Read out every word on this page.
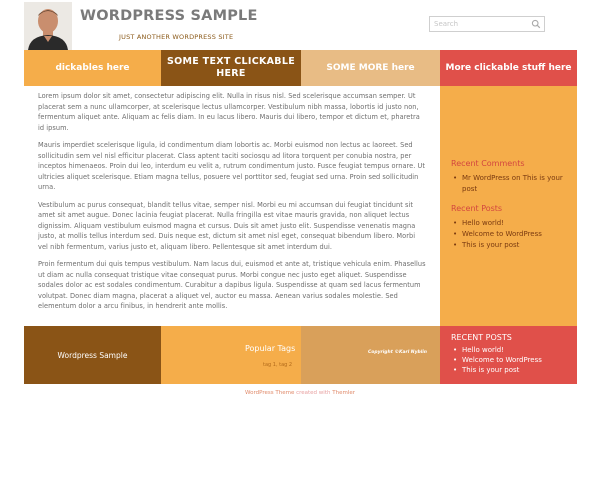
WORDPRESS SAMPLE
JUST ANOTHER WORDPRESS SITE
Search
dickables here
SOME TEXT CLICKABLE HERE	SOME MORE here	More clickable stuff here

Lorem ipsum dolor sit amet, consectetur adipiscing elit. Nulla in risus nisl. Sed scelerisque accumsan semper. Ut placerat sem a nunc ullamcorper, at scelerisque lectus ullamcorper. Vestibulum nibh massa, lobortis id justo non, fermentum aliquet ante. Aliquam ac felis diam. In eu lacus libero. Mauris dui libero, tempor et dictum et, pharetra id ipsum.

Mauris imperdiet scelerisque ligula, id condimentum diam lobortis ac. Morbi euismod non lectus ac laoreet. Sed sollicitudin sem vel nisl efficitur placerat. Class aptent taciti sociosqu ad litora torquent per conubia nostra, per inceptos himenaeos. Proin dui leo, interdum eu velit a, rutrum condimentum justo. Fusce feugiat tempus ornare. Ut ultricies aliquet scelerisque. Etiam magna tellus, posuere vel porttitor sed, feugiat sed urna. Proin sed sollicitudin urna.

Vestibulum ac purus consequat, blandit tellus vitae, semper nisl. Morbi eu mi accumsan dui feugiat tincidunt sit amet sit amet augue. Donec lacinia feugiat placerat. Nulla fringilla est vitae mauris gravida, non aliquet lectus dignissim. Aliquam vestibulum euismod magna et cursus. Duis sit amet justo elit. Suspendisse venenatis magna justo, at mollis tellus interdum sed. Duis neque est, dictum sit amet nisl eget, consequat bibendum libero. Morbi vel nibh fermentum, varius justo et, aliquam libero. Pellentesque sit amet interdum dui.

Proin fermentum dui quis tempus vestibulum. Nam lacus dui, euismod et ante at, tristique vehicula enim. Phasellus ut diam ac nulla consequat tristique vitae consequat purus. Morbi congue nec justo eget aliquet. Suspendisse sodales dolor ac est sodales condimentum. Curabitur a dapibus ligula. Suspendisse at quam sed lacus fermentum volutpat. Donec diam magna, placerat a aliquet vel, auctor eu massa. Aenean varius sodales molestie. Sed elementum dolor a arcu finibus, in hendrerit ante mollis.

Recent Comments
• Mr WordPress on This is your post
Recent Posts
• Hello world!
• Welcome to WordPress
• This is your post
Wordpress Sample
Popular Tags
tag 1, tag 2
Copyright ©Karl Nyblin
RECENT POSTS
• Hello world!
• Welcome to WordPress
• This is your post
WordPress Theme created with Themler
